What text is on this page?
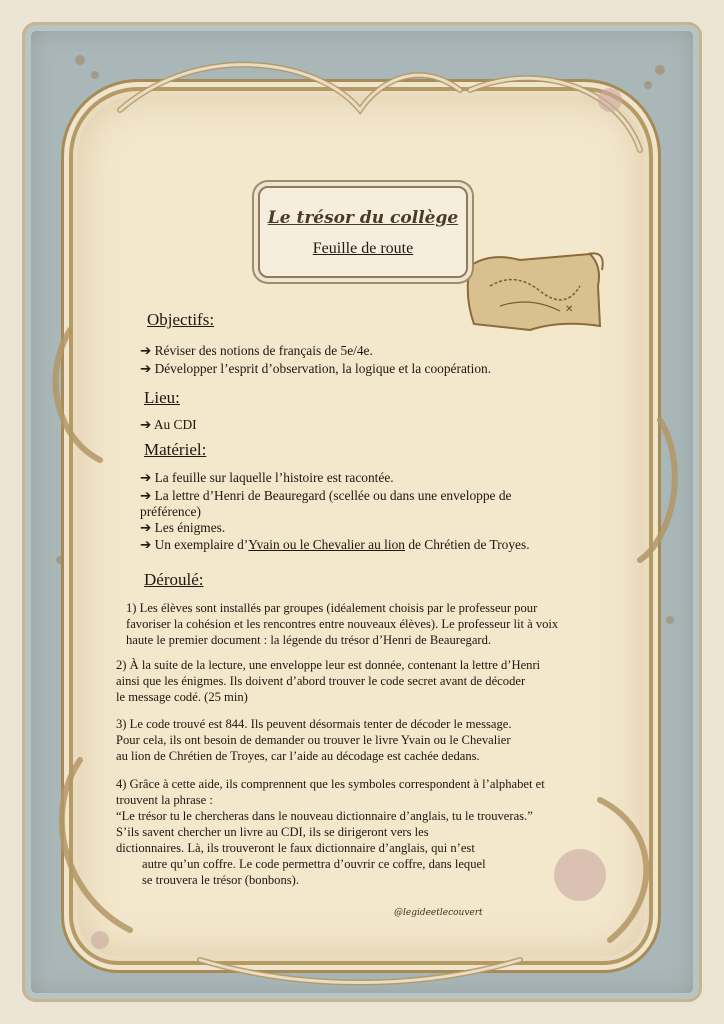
✕
Le trésor du collège
Feuille de route
Objectifs:
➔ Réviser des notions de français de 5e/4e.
➔ Développer l’esprit d’observation, la logique et la coopération.
Lieu:
➔ Au CDI
Matériel:
➔ La feuille sur laquelle l’histoire est racontée.
➔ La lettre d’Henri de Beauregard (scellée ou dans une enveloppe de
préférence)
➔ Les énigmes.
➔ Un exemplaire d’Yvain ou le Chevalier au lion de Chrétien de Troyes.
Déroulé:
1) Les élèves sont installés par groupes (idéalement choisis par le professeur pour
favoriser la cohésion et les rencontres entre nouveaux élèves). Le professeur lit à voix
haute le premier document : la légende du trésor d’Henri de Beauregard.
2) À la suite de la lecture, une enveloppe leur est donnée, contenant la lettre d’Henri
ainsi que les énigmes. Ils doivent d’abord trouver le code secret avant de décoder
le message codé. (25 min)
3) Le code trouvé est 844. Ils peuvent désormais tenter de décoder le message.
Pour cela, ils ont besoin de demander ou trouver le livre Yvain ou le Chevalier
au lion de Chrétien de Troyes, car l’aide au décodage est cachée dedans.
4) Grâce à cette aide, ils comprennent que les symboles correspondent à l’alphabet et
trouvent la phrase :
“Le trésor tu le chercheras dans le nouveau dictionnaire d’anglais, tu le trouveras.”
S’ils savent chercher un livre au CDI, ils se dirigeront vers les
dictionnaires. Là, ils trouveront le faux dictionnaire d’anglais, qui n’est
autre qu’un coffre. Le code permettra d’ouvrir ce coffre, dans lequel
se trouvera le trésor (bonbons).
@legideetlecouvert
